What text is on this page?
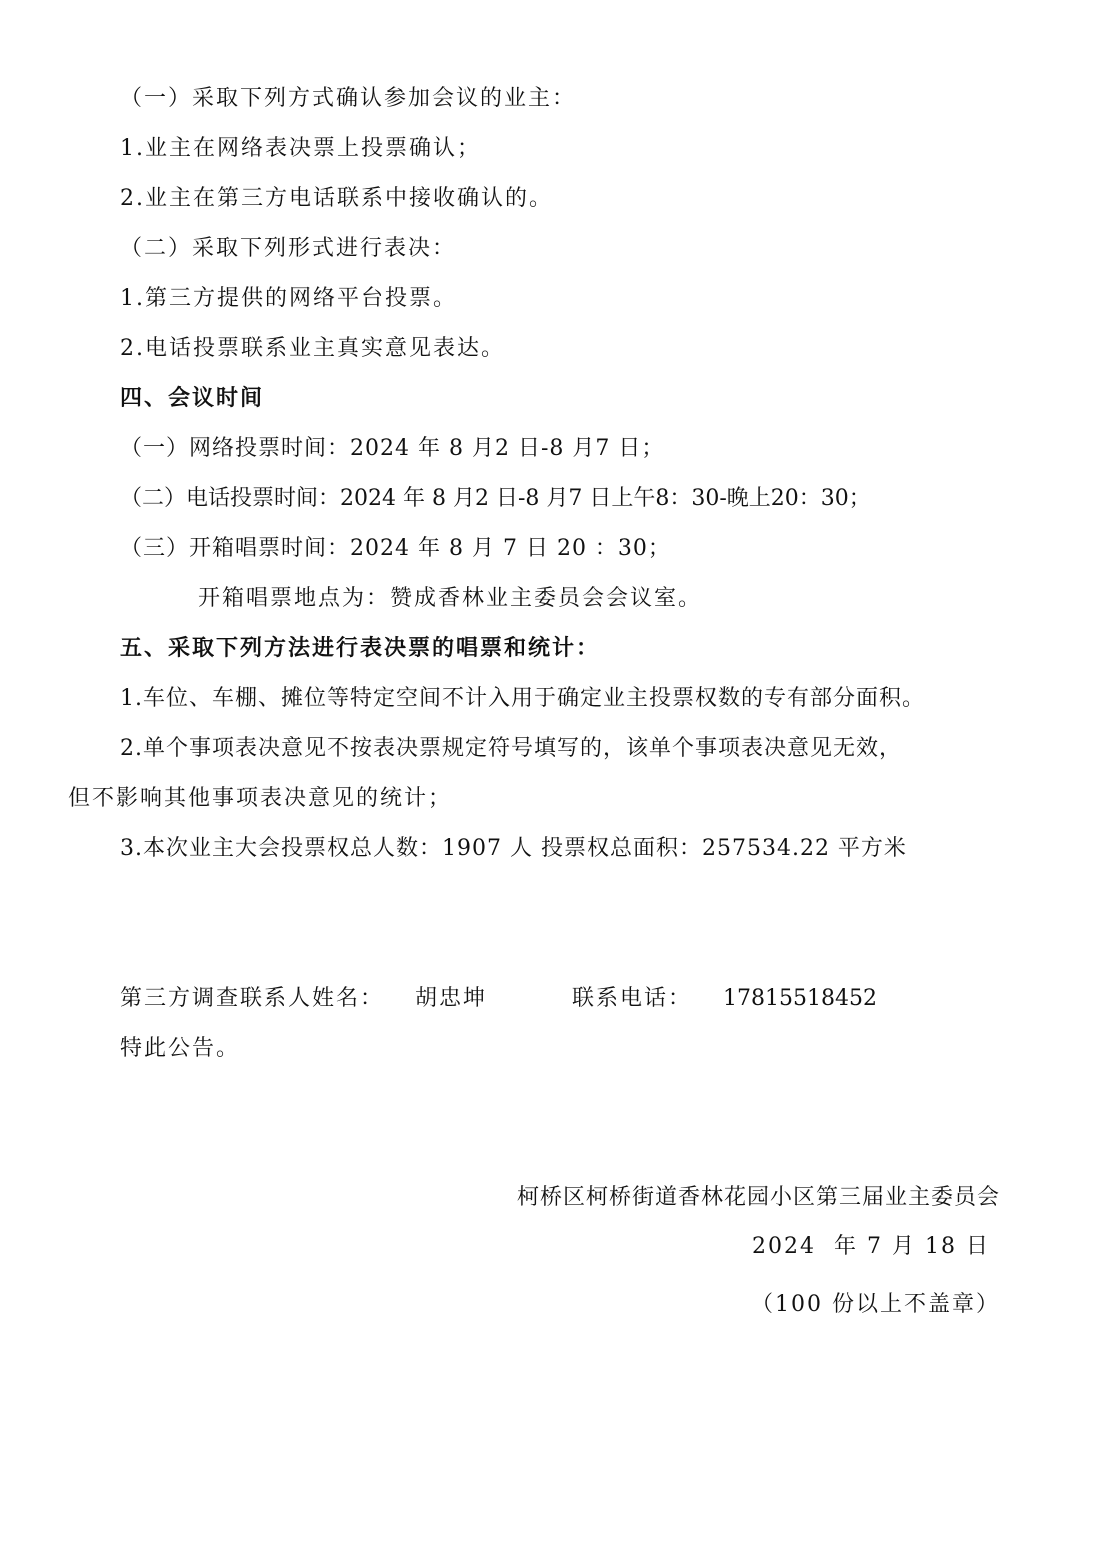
（一）采取下列方式确认参加会议的业主：
1.业主在网络表决票上投票确认；
2.业主在第三方电话联系中接收确认的。
（二）采取下列形式进行表决：
1.第三方提供的网络平台投票。
2.电话投票联系业主真实意见表达。
四、会议时间
（一）网络投票时间：2024 年 8 月2 日-8 月7 日；
（二）电话投票时间：2024 年 8 月2 日-8 月7 日上午8：30-晚上20：30；
（三）开箱唱票时间：2024 年 8 月 7 日 20 ：30；
开箱唱票地点为：赞成香林业主委员会会议室。
五、采取下列方法进行表决票的唱票和统计：
1.车位、车棚、摊位等特定空间不计入用于确定业主投票权数的专有部分面积。
2.单个事项表决意见不按表决票规定符号填写的，该单个事项表决意见无效，
但不影响其他事项表决意见的统计；
3.本次业主大会投票权总人数：1907 人 投票权总面积：257534.22 平方米
第三方调查联系人姓名： 胡忠坤	联系电话： 17815518452
特此公告。
柯桥区柯桥街道香林花园小区第三届业主委员会
2024  年 7 月 18 日
（100 份以上不盖章）
